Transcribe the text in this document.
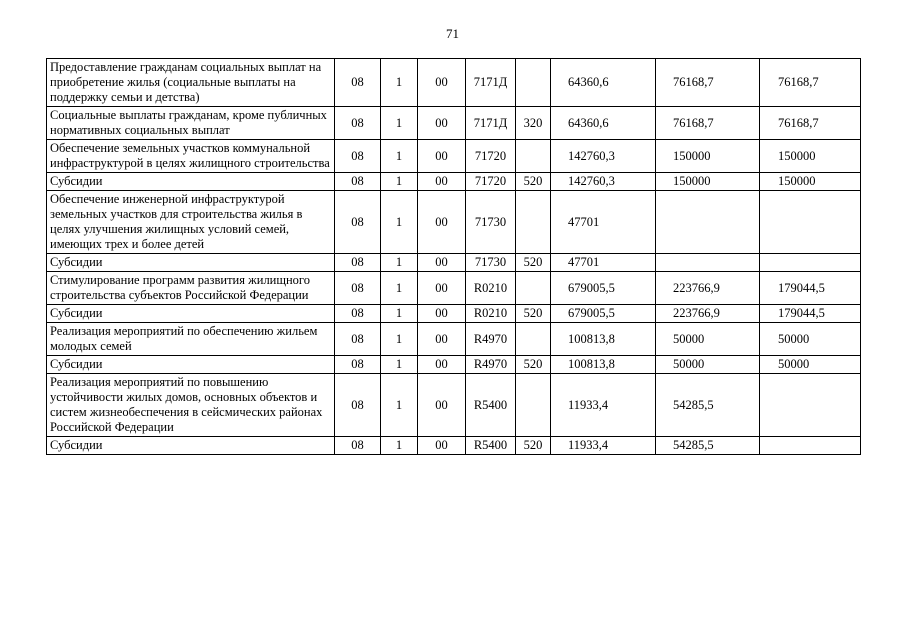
71
Предоставление гражданам социальных выплат на приобретение жилья (социальные выплаты на поддержку семьи и детства)	08	1	00	7171Д		64360,6	76168,7	76168,7
Социальные выплаты гражданам, кроме публичных нормативных социальных выплат	08	1	00	7171Д	320	64360,6	76168,7	76168,7
Обеспечение земельных участков коммунальной инфраструктурой в целях жилищного строительства	08	1	00	71720		142760,3	150000	150000
Субсидии	08	1	00	71720	520	142760,3	150000	150000
Обеспечение инженерной инфраструктурой земельных участков для строительства жилья в целях улучшения жилищных условий семей, имеющих трех и более детей	08	1	00	71730		47701		
Субсидии	08	1	00	71730	520	47701		
Стимулирование программ развития жилищного строительства субъектов Российской Федерации	08	1	00	R0210		679005,5	223766,9	179044,5
Субсидии	08	1	00	R0210	520	679005,5	223766,9	179044,5
Реализация мероприятий по обеспечению жильем молодых семей	08	1	00	R4970		100813,8	50000	50000
Субсидии	08	1	00	R4970	520	100813,8	50000	50000
Реализация мероприятий по повышению устойчивости жилых домов, основных объектов и систем жизнеобеспечения в сейсмических районах Российской Федерации	08	1	00	R5400		11933,4	54285,5	
Субсидии	08	1	00	R5400	520	11933,4	54285,5	
